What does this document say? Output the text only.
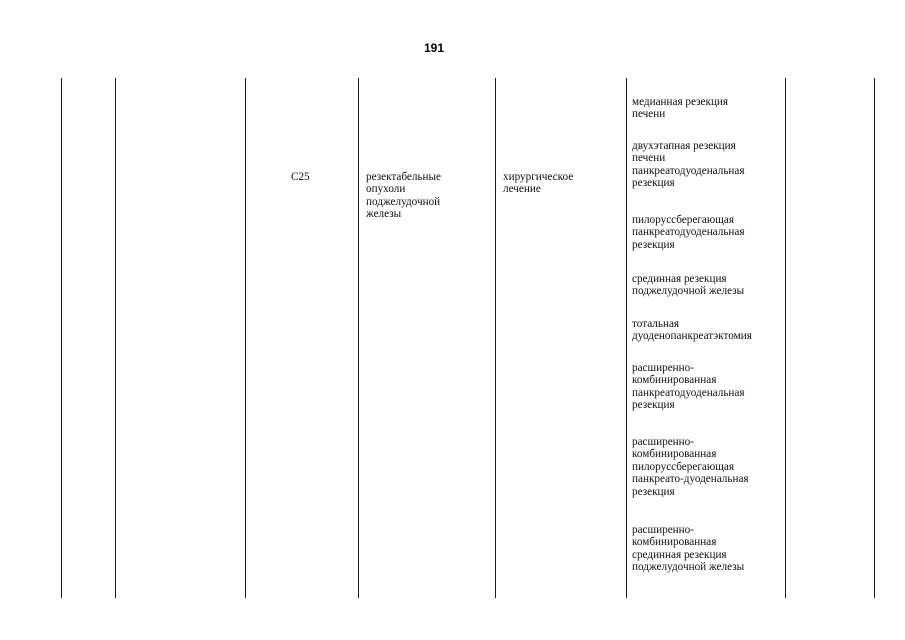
191
C25	резектабельные
опухоли
поджелудочной
железы
хирургическое
лечение
медианная резекция
печени
двухэтапная резекция
печени
панкреатодуоденальная
резекция
пилоруссберегающая
панкреатодуоденальная
резекция
срединная резекция
поджелудочной железы
тотальная
дуоденопанкреатэктомия
расширенно-
комбинированная
панкреатодуоденальная
резекция
расширенно-
комбинированная
пилоруссберегающая
панкреато-дуоденальная
резекция
расширенно-
комбинированная
срединная резекция
поджелудочной железы
